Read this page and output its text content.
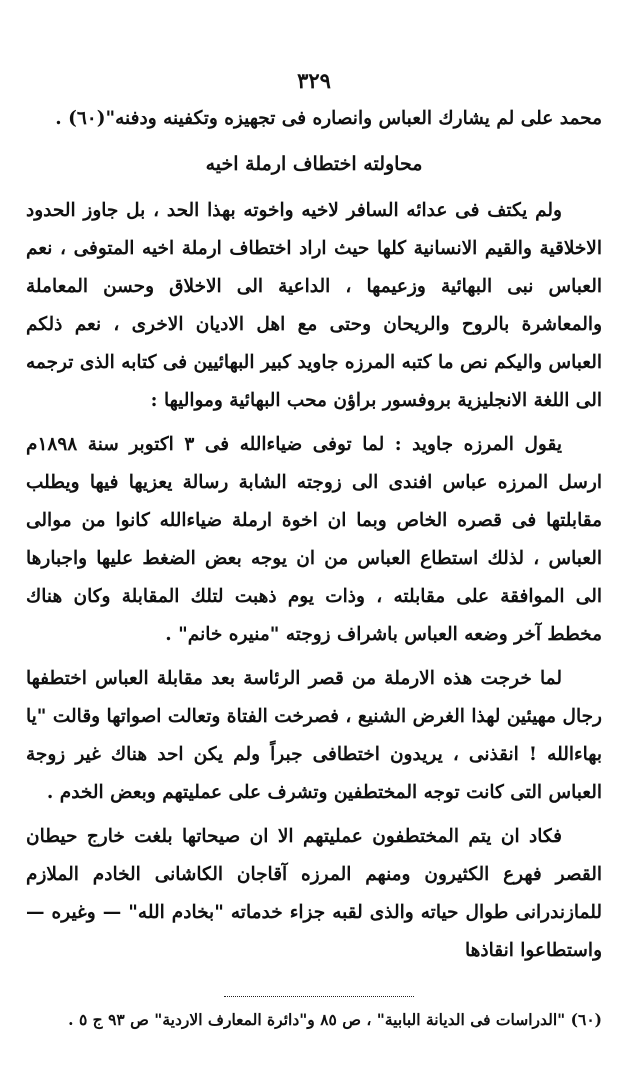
٣٢٩

محمد على لم يشارك العباس وانصاره فى تجهيزه وتكفينه ودفنه"(٦٠) .

محاولته اختطاف ارملة اخيه

ولم يكتف فى عدائه السافر لاخيه واخوته بهذا الحد ، بل جاوز الحدود الاخلاقية والقيم الانسانية كلها حيث اراد اختطاف ارملة اخيه المتوفى ، نعم العباس نبى البهائية وزعيمها ، الداعية الى الاخلاق وحسن المعاملة والمعاشرة بالروح والريحان وحتى مع اهل الاديان الاخرى ، نعم ذلكم العباس واليكم نص ما كتبه المرزه جاويد كبير البهائيين فى كتابه الذى ترجمه الى اللغة الانجليزية بروفسور براؤن محب البهائية ومواليها :

يقول المرزه جاويد : لما توفى ضياءالله فى ٣ اكتوبر سنة ١٨٩٨م ارسل المرزه عباس افندى الى زوجته الشابة رسالة يعزيها فيها ويطلب مقابلتها فى قصره الخاص وبما ان اخوة ارملة ضياءالله كانوا من موالى العباس ، لذلك استطاع العباس من ان يوجه بعض الضغط عليها واجبارها الى الموافقة على مقابلته ، وذات يوم ذهبت لتلك المقابلة وكان هناك مخطط آخر وضعه العباس باشراف زوجته "منيره خانم" .

لما خرجت هذه الارملة من قصر الرئاسة بعد مقابلة العباس اختطفها رجال مهيئين لهذا الغرض الشنيع ، فصرخت الفتاة وتعالت اصواتها وقالت "يا بهاءالله ! انقذنى ، يريدون اختطافى جبراً ولم يكن احد هناك غير زوجة العباس التى كانت توجه المختطفين وتشرف على عمليتهم وبعض الخدم .

فكاد ان يتم المختطفون عمليتهم الا ان صيحاتها بلغت خارج حيطان القصر فهرع الكثيرون ومنهم المرزه آقاجان الكاشانى الخادم الملازم للمازندرانى طوال حياته والذى لقبه جزاء خدماته "بخادم الله" — وغيره — واستطاعوا انقاذها

(٦٠) "الدراسات فى الديانة البابية" ، ص ٨٥ و"دائرة المعارف الاردية" ص ٩٣ ج ٥ .
